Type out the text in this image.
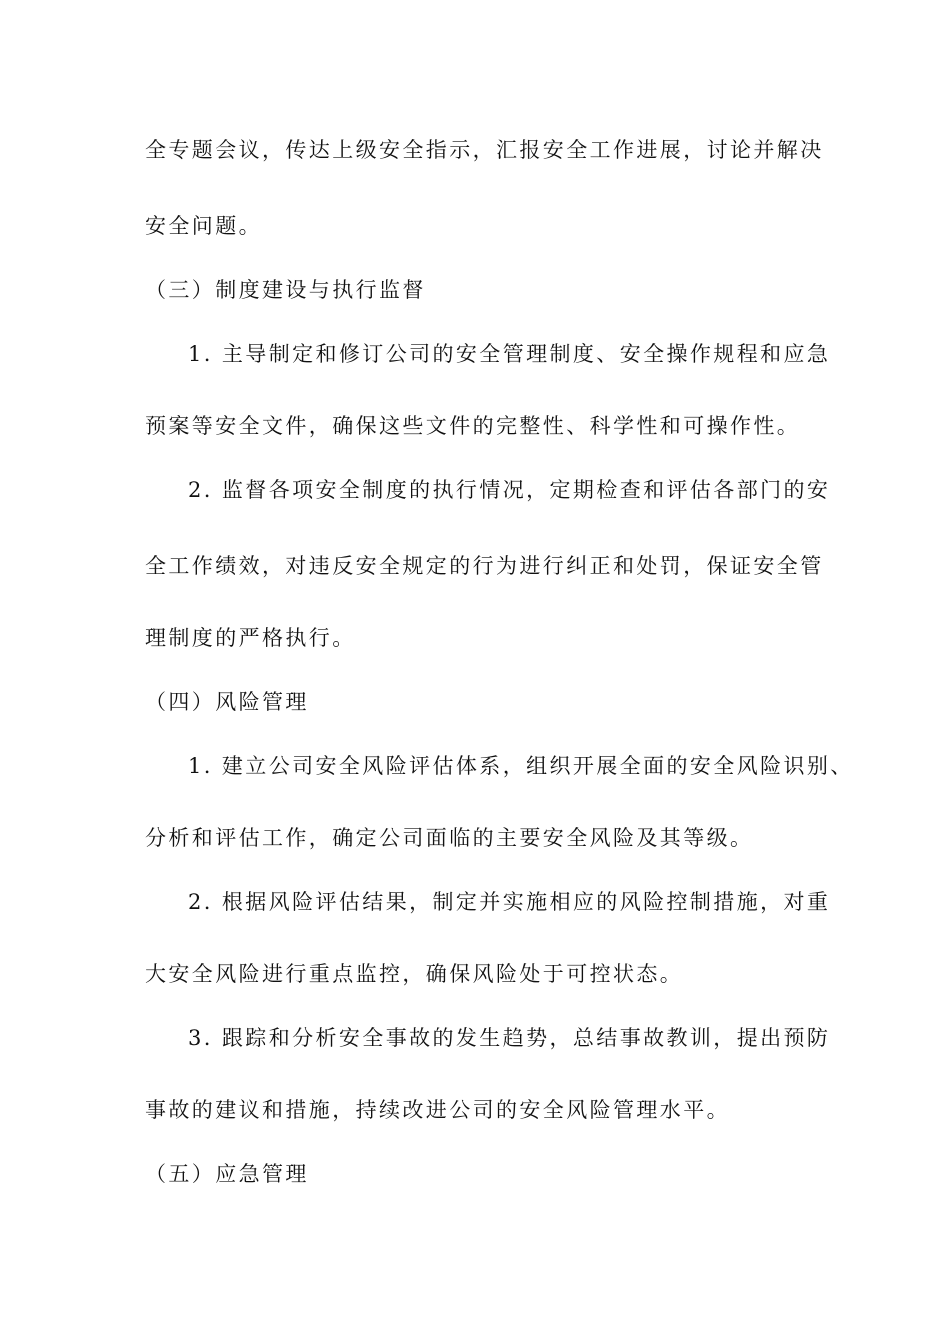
全专题会议，传达上级安全指示，汇报安全工作进展，讨论并解决
安全问题。
（三）制度建设与执行监督
1. 主导制定和修订公司的安全管理制度、安全操作规程和应急
预案等安全文件，确保这些文件的完整性、科学性和可操作性。
2. 监督各项安全制度的执行情况，定期检查和评估各部门的安
全工作绩效，对违反安全规定的行为进行纠正和处罚，保证安全管
理制度的严格执行。
（四）风险管理
1. 建立公司安全风险评估体系，组织开展全面的安全风险识别、
分析和评估工作，确定公司面临的主要安全风险及其等级。
2. 根据风险评估结果，制定并实施相应的风险控制措施，对重
大安全风险进行重点监控，确保风险处于可控状态。
3. 跟踪和分析安全事故的发生趋势，总结事故教训，提出预防
事故的建议和措施，持续改进公司的安全风险管理水平。
（五）应急管理
